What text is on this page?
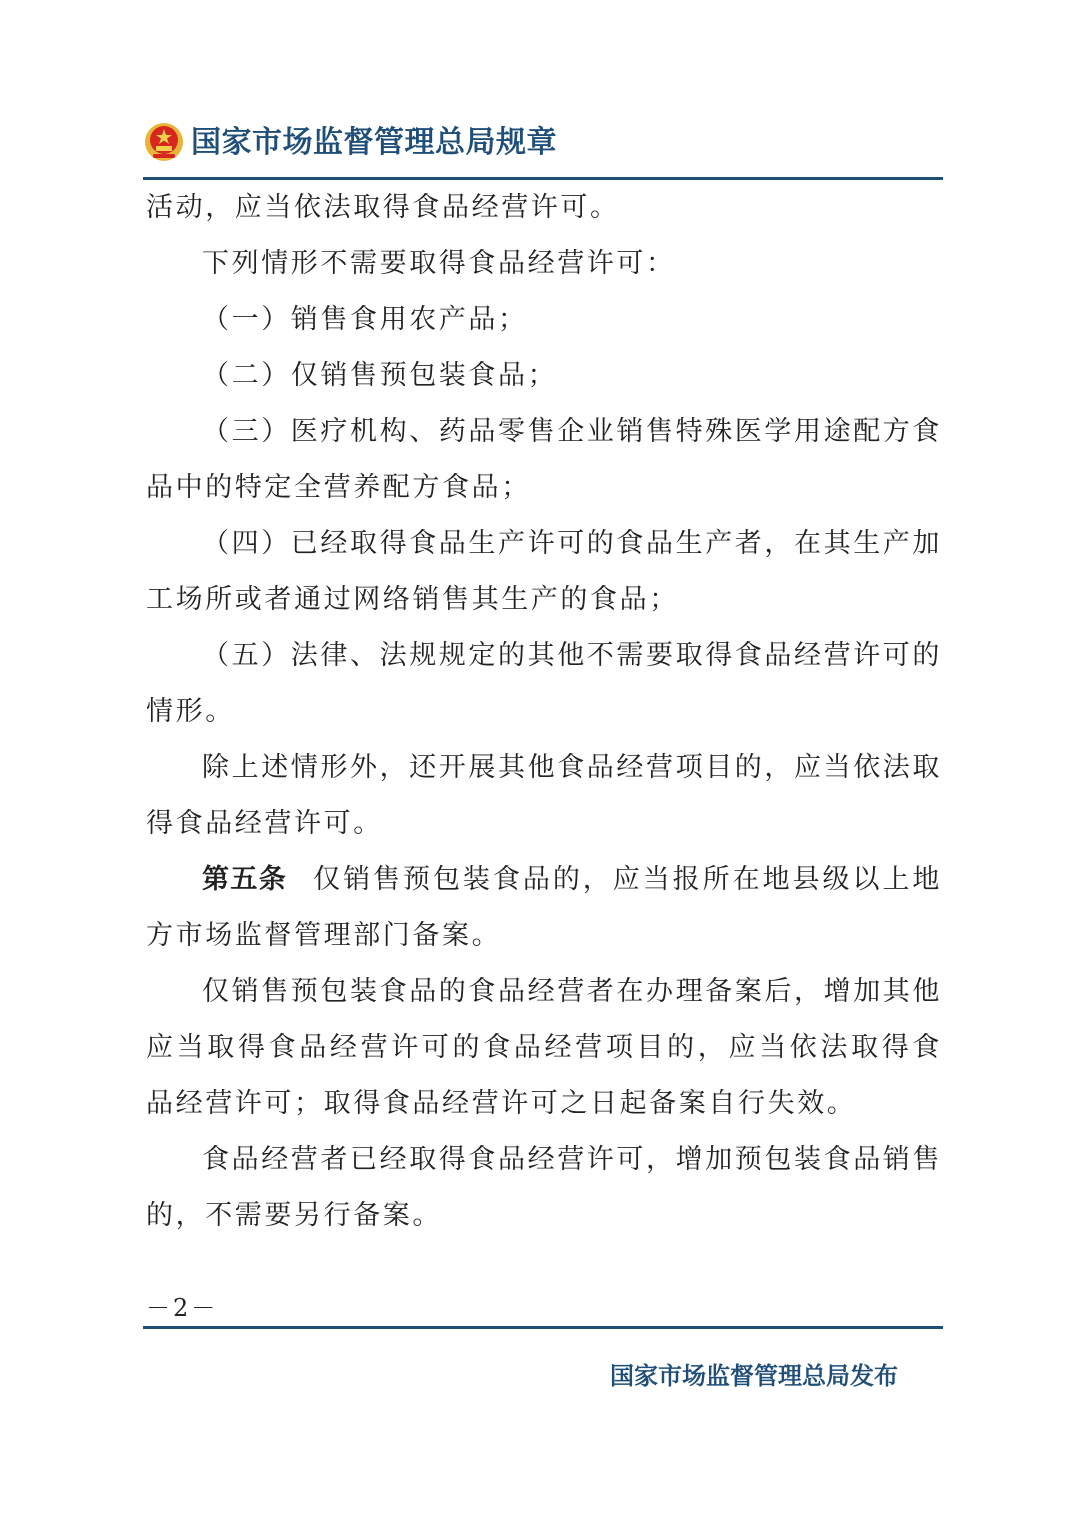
国家市场监督管理总局规章

活动，应当依法取得食品经营许可。

下列情形不需要取得食品经营许可：

（一）销售食用农产品；

（二）仅销售预包装食品；

（三）医疗机构、药品零售企业销售特殊医学用途配方食品中的特定全营养配方食品；

（四）已经取得食品生产许可的食品生产者，在其生产加工场所或者通过网络销售其生产的食品；

（五）法律、法规规定的其他不需要取得食品经营许可的情形。

除上述情形外，还开展其他食品经营项目的，应当依法取得食品经营许可。

第五条 仅销售预包装食品的，应当报所在地县级以上地方市场监督管理部门备案。

仅销售预包装食品的食品经营者在办理备案后，增加其他应当取得食品经营许可的食品经营项目的，应当依法取得食品经营许可；取得食品经营许可之日起备案自行失效。

食品经营者已经取得食品经营许可，增加预包装食品销售的，不需要另行备案。

－2－
国家市场监督管理总局发布
